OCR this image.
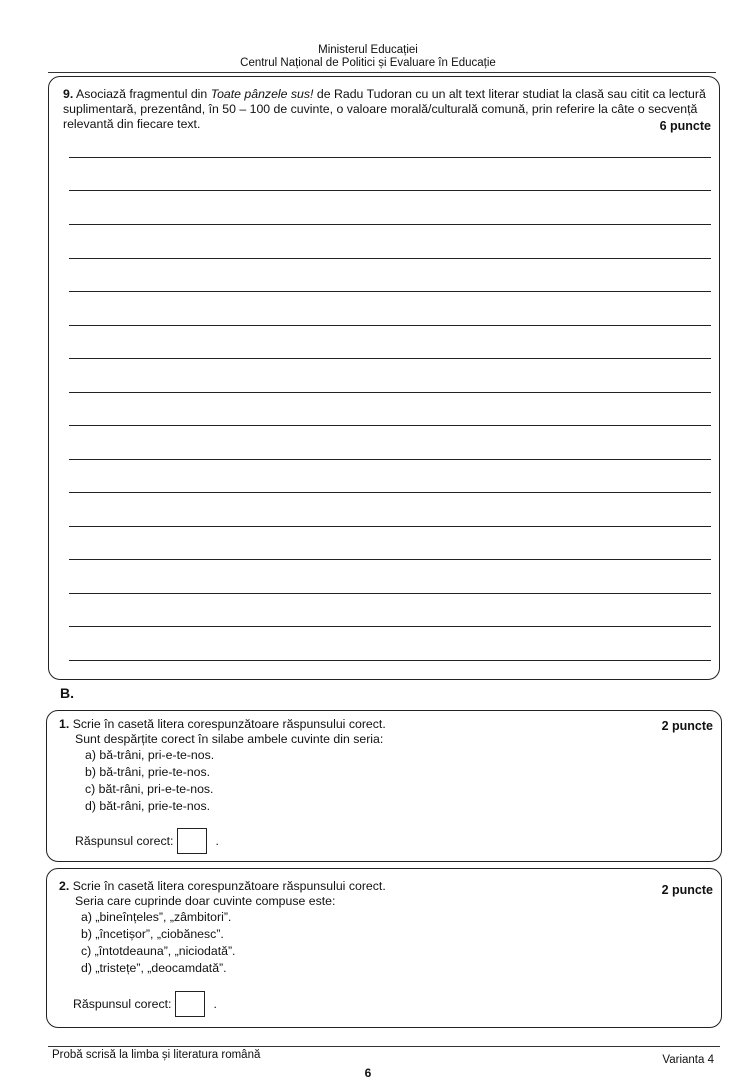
Ministerul Educației
Centrul Național de Politici și Evaluare în Educație
9. Asociază fragmentul din Toate pânzele sus! de Radu Tudoran cu un alt text literar studiat la clasă sau citit ca lectură suplimentară, prezentând, în 50 – 100 de cuvinte, o valoare morală/culturală comună, prin referire la câte o secvență relevantă din fiecare text.	6 puncte
B.
1. Scrie în casetă litera corespunzătoare răspunsului corect.	2 puncte
Sunt despărțite corect în silabe ambele cuvinte din seria:
a) bă-trâni, pri-e-te-nos.
b) bă-trâni, prie-te-nos.
c) băt-râni, pri-e-te-nos.
d) băt-râni, prie-te-nos.
Răspunsul corect:	.
2. Scrie în casetă litera corespunzătoare răspunsului corect.	2 puncte
Seria care cuprinde doar cuvinte compuse este:
a) „bineînțeles”, „zâmbitori”.
b) „încetișor”, „ciobănesc”.
c) „întotdeauna”, „niciodată”.
d) „tristețe”, „deocamdată”.
Răspunsul corect:	.
Probă scrisă la limba și literatura română	Varianta 4
6
